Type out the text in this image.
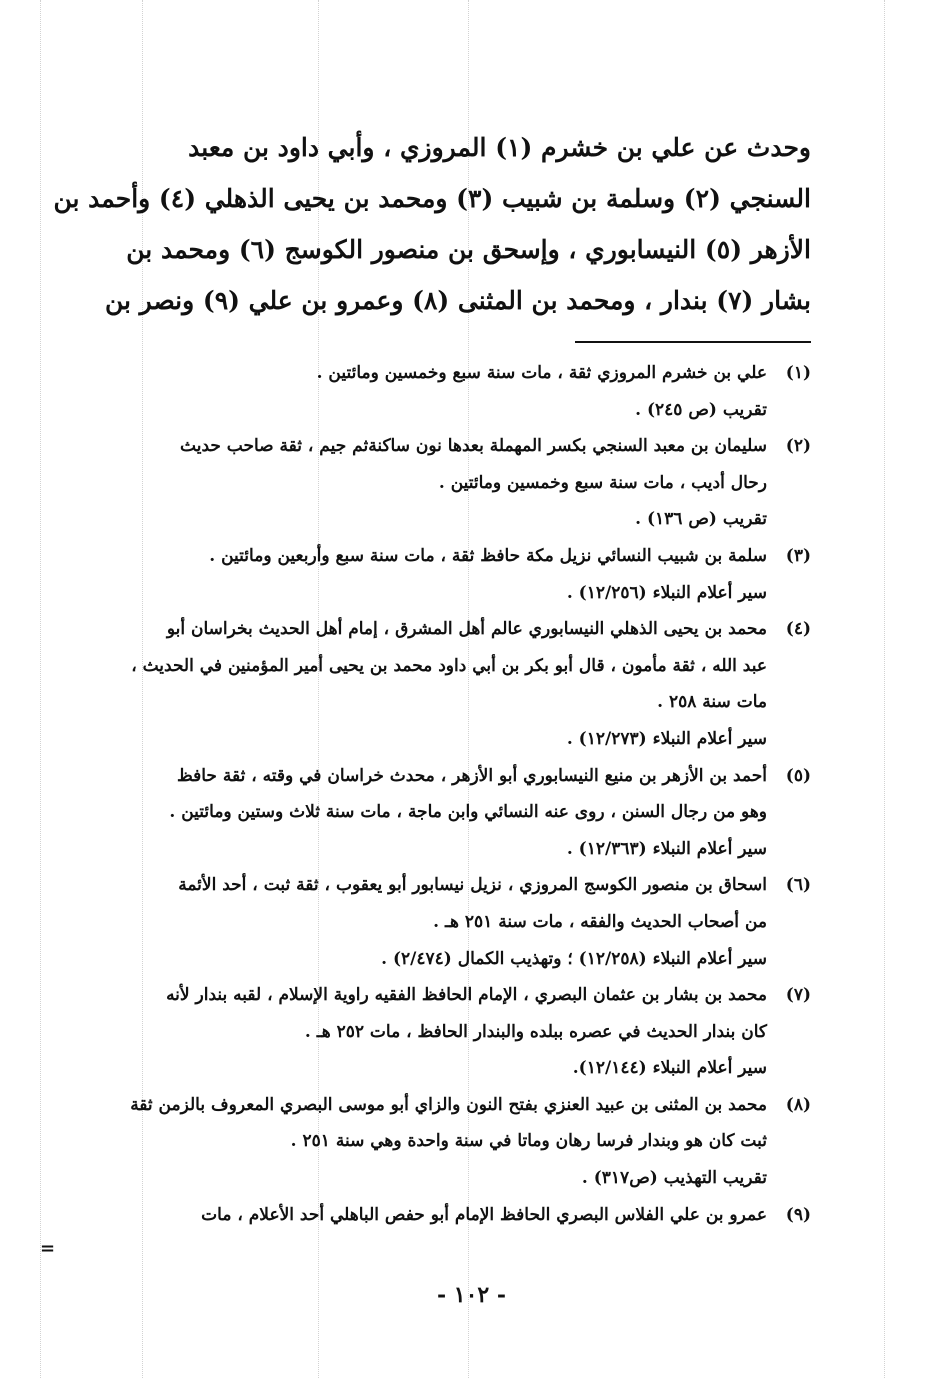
وحدث عن علي بن خشرم (١) المروزي ، وأبي داود بن معبد
السنجي (٢) وسلمة بن شبيب (٣) ومحمد بن يحيى الذهلي (٤) وأحمد بن
الأزهر (٥) النيسابوري ، وإسحق بن منصور الكوسج (٦) ومحمد بن
بشار (٧) بندار ، ومحمد بن المثنى (٨) وعمرو بن علي (٩) ونصر بن
(١)
علي بن خشرم المروزي ثقة ، مات سنة سبع وخمسين ومائتين .
تقريب (ص ٢٤٥) .
(٢)
سليمان بن معبد السنجي بكسر المهملة بعدها نون ساكنةثم جيم ، ثقة صاحب حديث
رحال أديب ، مات سنة سبع وخمسين ومائتين .
تقريب (ص ١٣٦) .
(٣)
سلمة بن شبيب النسائي نزيل مكة حافظ ثقة ، مات سنة سبع وأربعين ومائتين .
سير أعلام النبلاء (١٢/٢٥٦) .
(٤)
محمد بن يحيى الذهلي النيسابوري عالم أهل المشرق ، إمام أهل الحديث بخراسان أبو
عبد الله ، ثقة مأمون ، قال أبو بكر بن أبي داود محمد بن يحيى أمير المؤمنين في الحديث ،
مات سنة ٢٥٨ .
سير أعلام النبلاء (١٢/٢٧٣) .
(٥)
أحمد بن الأزهر بن منيع النيسابوري أبو الأزهر ، محدث خراسان في وقته ، ثقة حافظ
وهو من رجال السنن ، روى عنه النسائي وابن ماجة ، مات سنة ثلاث وستين ومائتين .
سير أعلام النبلاء (١٢/٣٦٣) .
(٦)
اسحاق بن منصور الكوسج المروزي ، نزيل نيسابور أبو يعقوب ، ثقة ثبت ، أحد الأئمة
من أصحاب الحديث والفقه ، مات سنة ٢٥١ هـ .
سير أعلام النبلاء (١٢/٢٥٨) ؛ وتهذيب الكمال (٢/٤٧٤) .
(٧)
محمد بن بشار بن عثمان البصري ، الإمام الحافظ الفقيه راوية الإسلام ، لقبه بندار لأنه
كان بندار الحديث في عصره ببلده والبندار الحافظ ، مات ٢٥٢ هـ .
سير أعلام النبلاء (١٢/١٤٤).
(٨)
محمد بن المثنى بن عبيد العنزي بفتح النون والزاي أبو موسى البصري المعروف بالزمن ثقة
ثبت كان هو وبندار فرسا رهان وماتا في سنة واحدة وهي سنة ٢٥١ .
تقريب التهذيب (ص٣١٧) .
(٩)
عمرو بن علي الفلاس البصري الحافظ الإمام أبو حفص الباهلي أحد الأعلام ، مات
=
- ١٠٢ -
